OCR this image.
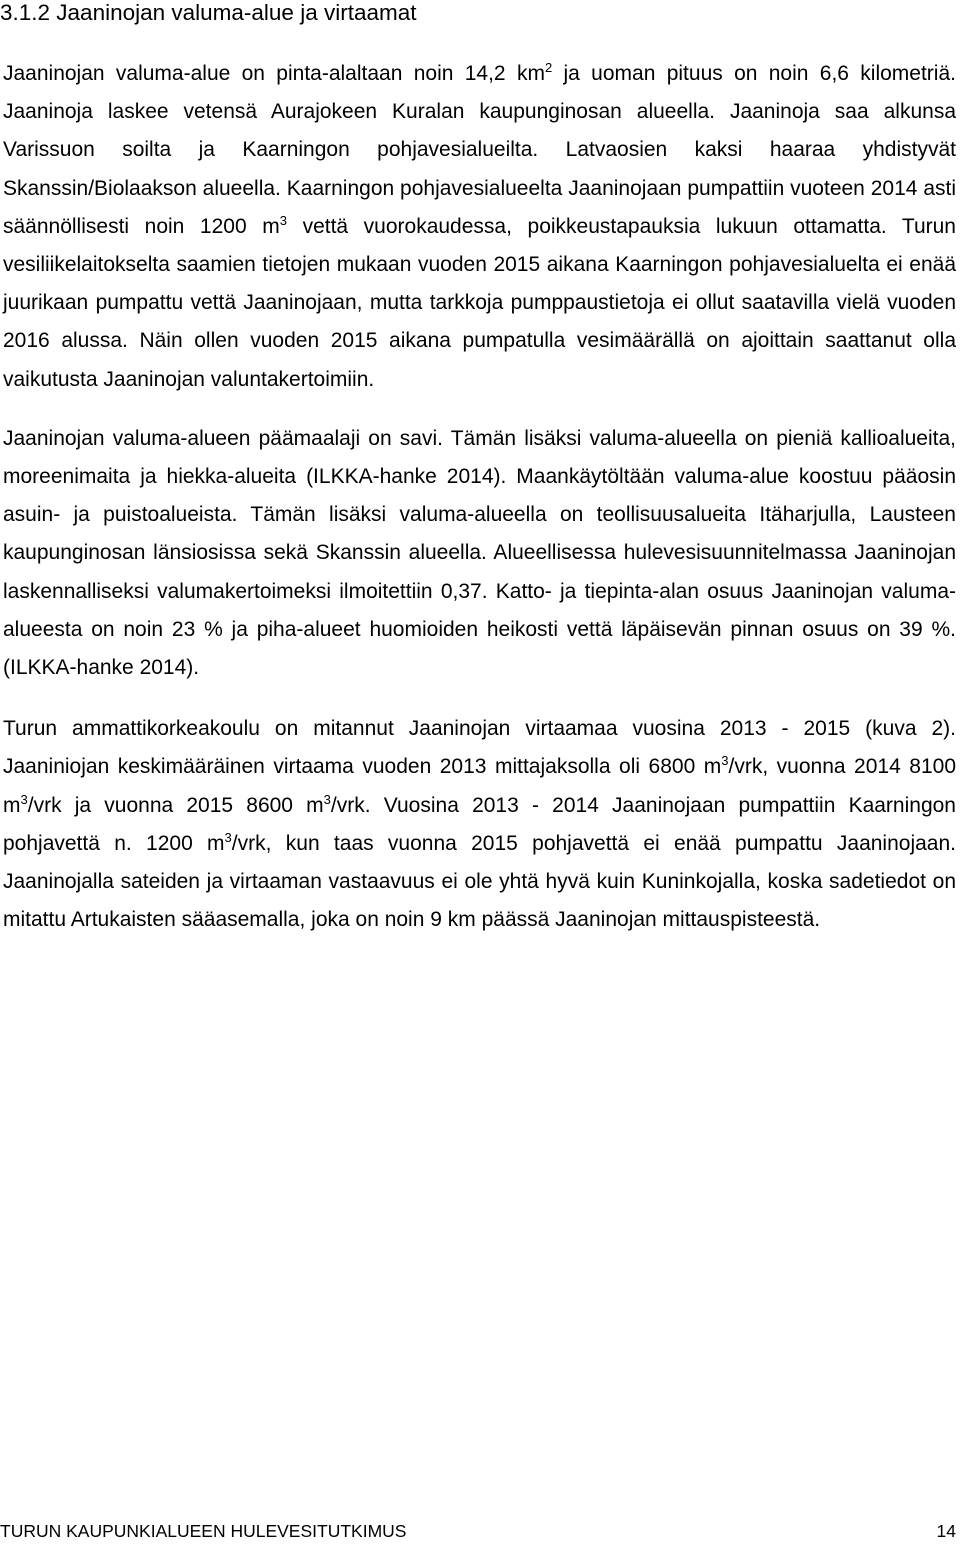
3.1.2 Jaaninojan valuma-alue ja virtaamat

Jaaninojan valuma-alue on pinta-alaltaan noin 14,2 $km^2$ ja uoman pituus on noin 6,6 kilometriä. Jaaninoja laskee vetensä Aurajokeen Kuralan kaupunginosan alueella. Jaaninoja saa alkunsa Varissuon soilta ja Kaarningon pohjavesialueilta. Latvaosien kaksi haaraa yhdistyvät Skanssin/Biolaakson alueella. Kaarningon pohjavesialueelta Jaaninojaan pumpattiin vuoteen 2014 asti säännöllisesti noin 1200 $m^3$ vettä vuorokaudessa, poikkeustapauksia lukuun ottamatta. Turun vesiliikelaitokselta saamien tietojen mukaan vuoden 2015 aikana Kaarningon pohjavesialuelta ei enää juurikaan pumpattu vettä Jaaninojaan, mutta tarkkoja pumppaustietoja ei ollut saatavilla vielä vuoden 2016 alussa. Näin ollen vuoden 2015 aikana pumpatulla vesimäärällä on ajoittain saattanut olla vaikutusta Jaaninojan valuntakertoimiin.

Jaaninojan valuma-alueen päämaalaji on savi. Tämän lisäksi valuma-alueella on pieniä kallioalueita, moreenimaita ja hiekka-alueita (ILKKA-hanke 2014). Maankäytöltään valuma-alue koostuu pääosin asuin- ja puistoalueista. Tämän lisäksi valuma-alueella on teollisuusalueita Itäharjulla, Lausteen kaupunginosan länsiosissa sekä Skanssin alueella. Alueellisessa hulevesisuunnitelmassa Jaaninojan laskennalliseksi valumakertoimeksi ilmoitettiin 0,37. Katto- ja tiepinta-alan osuus Jaaninojan valuma-alueesta on noin 23 % ja piha-alueet huomioiden heikosti vettä läpäisevän pinnan osuus on 39 %. (ILKKA-hanke 2014).

Turun ammattikorkeakoulu on mitannut Jaaninojan virtaamaa vuosina 2013 - 2015 (kuva 2). Jaaniniojan keskimääräinen virtaama vuoden 2013 mittajaksolla oli 6800 $m^3$/vrk, vuonna 2014 8100 $m^3$/vrk ja vuonna 2015 8600 $m^3$/vrk. Vuosina 2013 - 2014 Jaaninojaan pumpattiin Kaarningon pohjavettä n. 1200 $m^3$/vrk, kun taas vuonna 2015 pohjavettä ei enää pumpattu Jaaninojaan. Jaaninojalla sateiden ja virtaaman vastaavuus ei ole yhtä hyvä kuin Kuninkojalla, koska sadetiedot on mitattu Artukaisten sääasemalla, joka on noin 9 km päässä Jaaninojan mittauspisteestä.

TURUN KAUPUNKIALUEEN HULEVESITUTKIMUS	14
